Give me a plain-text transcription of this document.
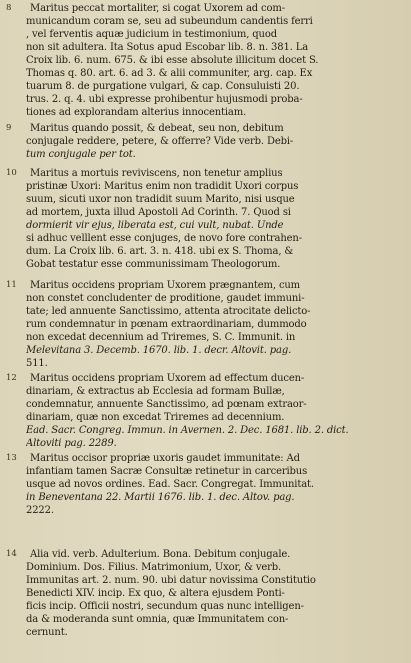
8 Maritus peccat mortaliter, si cogat Uxorem ad com-
municandum coram se, seu ad subeundum candentis ferri
, vel ferventis aquæ judicium in testimonium, quod
non sit adultera. Ita Sotus apud Escobar lib. 8. n. 381. La
Croix lib. 6. num. 675. & ibi esse absolute illicitum docet S.
Thomas q. 80. art. 6. ad 3. & alii communiter, arg. cap. Ex
tuarum 8. de purgatione vulgari, & cap. Consuluisti 20.
trus. 2. q. 4. ubi expresse prohibentur hujusmodi proba-
tiones ad explorandam alterius innocentiam.
9 Maritus quando possit, & debeat, seu non, debitum
conjugale reddere, petere, & offerre? Vide verb. Debi-
tum conjugale per tot.
10 Maritus a mortuis reviviscens, non tenetur amplius
pristinæ Uxori: Maritus enim non tradidit Uxori corpus
suum, sicuti uxor non tradidit suum Marito, nisi usque
ad mortem, juxta illud Apostoli Ad Corinth. 7. Quod si
dormierit vir ejus, liberata est, cui vult, nubat. Unde
si adhuc velllent esse conjuges, de novo fore contrahen-
dum. La Croix lib. 6. art. 3. n. 418. ubi ex S. Thoma, &
Gobat testatur esse communissimam Theologorum.
11 Maritus occidens propriam Uxorem prægnantem, cum
non constet concludenter de proditione, gaudet immuni-
tate; led annuente Sanctissimo, attenta atrocitate delicto-
rum condemnatur in pœnam extraordinariam, dummodo
non excedat decennium ad Triremes, S. C. Immunit. in
Melevitana 3. Decemb. 1670. lib. 1. decr. Altovit. pag.
511.
12 Maritus occidens propriam Uxorem ad effectum ducen-
dinariam, & extractus ab Ecclesia ad formam Bullæ,
condemnatur, annuente Sanctissimo, ad pœnam extraor-
dinariam, quæ non excedat Triremes ad decennium.
Ead. Sacr. Congreg. Immun. in Avernen. 2. Dec. 1681. lib. 2. dict.
Altoviti pag. 2289.
13 Maritus occisor propriæ uxoris gaudet immunitate: Ad
infantiam tamen Sacræ Consultæ retinetur in carceribus
usque ad novos ordines. Ead. Sacr. Congregat. Immunitat.
in Beneventana 22. Martii 1676. lib. 1. dec. Altov. pag.
2222.
14 Alia vid. verb. Adulterium. Bona. Debitum conjugale.
Dominium. Dos. Filius. Matrimonium, Uxor, & verb.
Immunitas art. 2. num. 90. ubi datur novissima Constitutio
Benedicti XIV. incip. Ex quo, & altera ejusdem Ponti-
ficis incip. Officii nostri, secundum quas nunc intelligen-
da & moderanda sunt omnia, quæ Immunitatem con-
cernunt.
